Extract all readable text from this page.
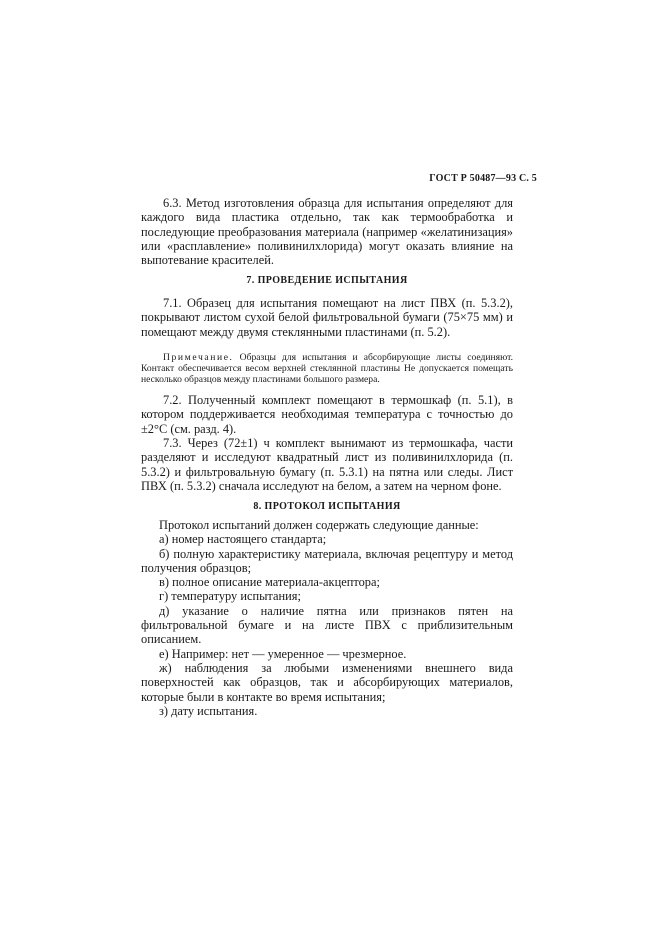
ГОСТ Р 50487—93 С. 5

6.3. Метод изготовления образца для испытания определяют для каждого вида пластика отдельно, так как термообработка и последующие преобразования материала (например «желатинизация» или «расплавление» поливинилхлорида) могут оказать влияние на выпотевание красителей.

7. ПРОВЕДЕНИЕ ИСПЫТАНИЯ

7.1. Образец для испытания помещают на лист ПВХ (п. 5.3.2), покрывают листом сухой белой фильтровальной бумаги (75×75 мм) и помещают между двумя стеклянными пластинами (п. 5.2).

Примечание. Образцы для испытания и абсорбирующие листы соединяют. Контакт обеспечивается весом верхней стеклянной пластины Не допускается помещать несколько образцов между пластинами большого размера.

7.2. Полученный комплект помещают в термошкаф (п. 5.1), в котором поддерживается необходимая температура с точностью до ±2°С (см. разд. 4).

7.3. Через (72±1) ч комплект вынимают из термошкафа, части разделяют и исследуют квадратный лист из поливинилхлорида (п. 5.3.2) и фильтровальную бумагу (п. 5.3.1) на пятна или следы. Лист ПВХ (п. 5.3.2) сначала исследуют на белом, а затем на черном фоне.

8. ПРОТОКОЛ ИСПЫТАНИЯ

Протокол испытаний должен содержать следующие данные:

а) номер настоящего стандарта;

б) полную характеристику материала, включая рецептуру и метод получения образцов;

в) полное описание материала-акцептора;

г) температуру испытания;

д) указание о наличие пятна или признаков пятен на фильтровальной бумаге и на листе ПВХ с приблизительным описанием.

е) Например: нет — умеренное — чрезмерное.

ж) наблюдения за любыми изменениями внешнего вида поверхностей как образцов, так и абсорбирующих материалов, которые были в контакте во время испытания;

з) дату испытания.
